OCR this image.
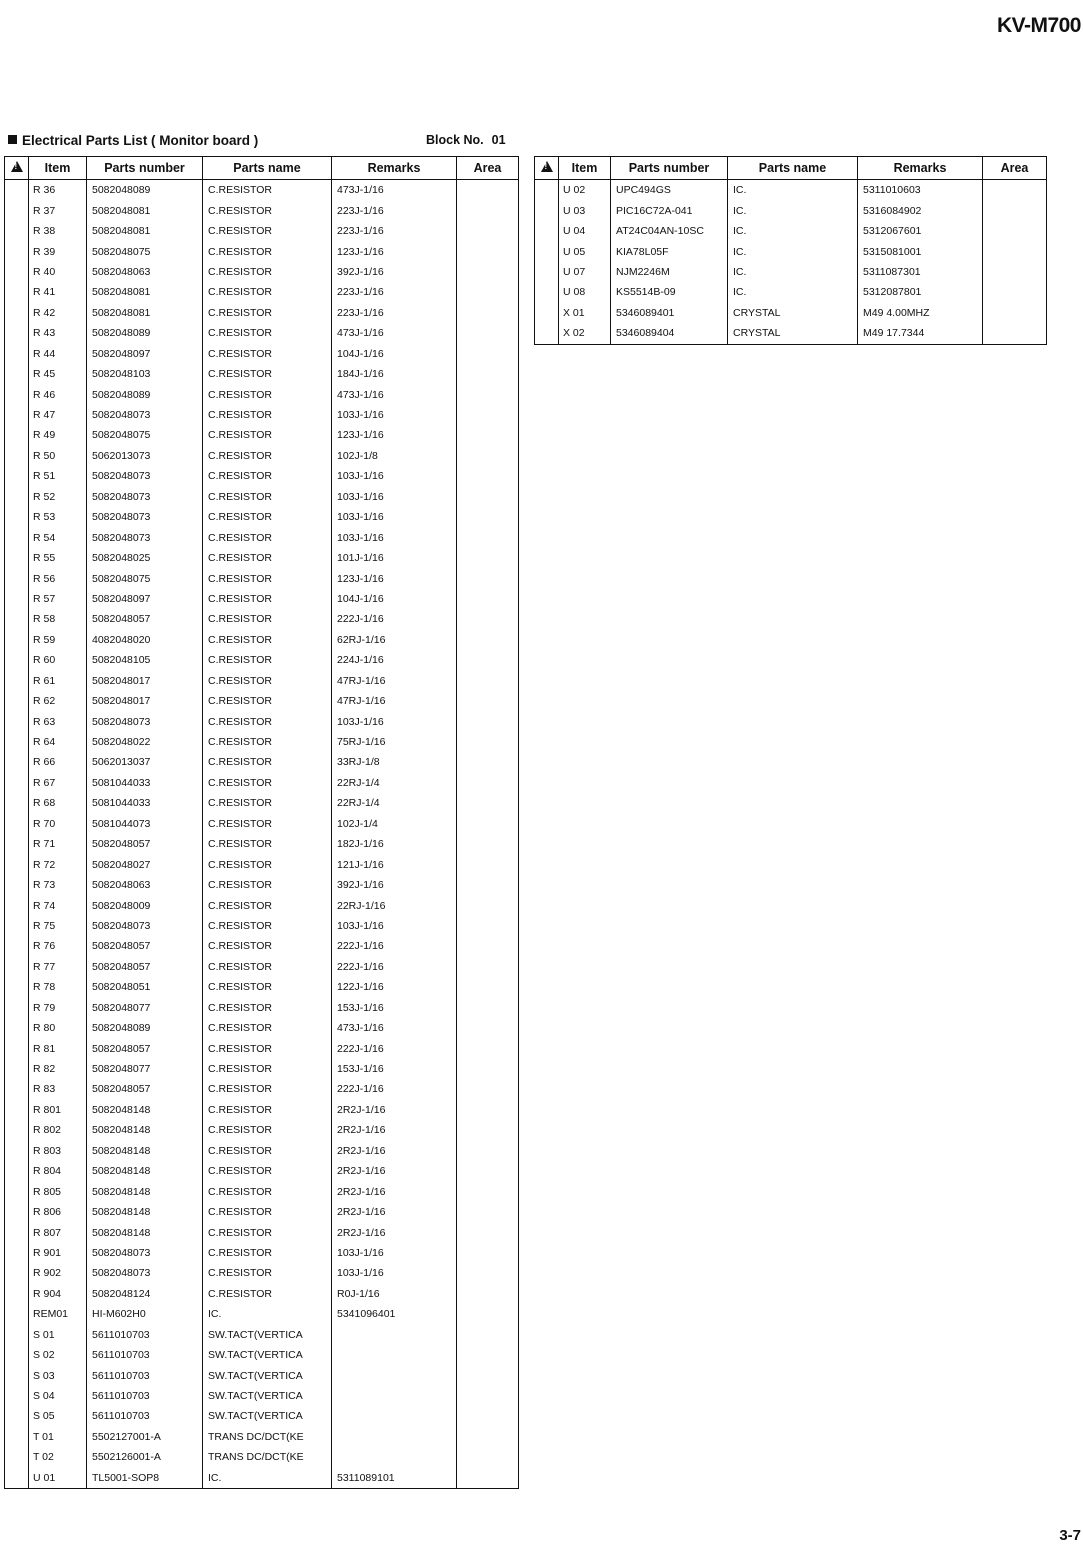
KV-M700
Electrical Parts List ( Monitor board )	Block No. 01
!	Item	Parts number	Parts name	Remarks	Area
	R 36	5082048089	C.RESISTOR	473J-1/16	
	R 37	5082048081	C.RESISTOR	223J-1/16	
	R 38	5082048081	C.RESISTOR	223J-1/16	
	R 39	5082048075	C.RESISTOR	123J-1/16	
	R 40	5082048063	C.RESISTOR	392J-1/16	
	R 41	5082048081	C.RESISTOR	223J-1/16	
	R 42	5082048081	C.RESISTOR	223J-1/16	
	R 43	5082048089	C.RESISTOR	473J-1/16	
	R 44	5082048097	C.RESISTOR	104J-1/16	
	R 45	5082048103	C.RESISTOR	184J-1/16	
	R 46	5082048089	C.RESISTOR	473J-1/16	
	R 47	5082048073	C.RESISTOR	103J-1/16	
	R 49	5082048075	C.RESISTOR	123J-1/16	
	R 50	5062013073	C.RESISTOR	102J-1/8	
	R 51	5082048073	C.RESISTOR	103J-1/16	
	R 52	5082048073	C.RESISTOR	103J-1/16	
	R 53	5082048073	C.RESISTOR	103J-1/16	
	R 54	5082048073	C.RESISTOR	103J-1/16	
	R 55	5082048025	C.RESISTOR	101J-1/16	
	R 56	5082048075	C.RESISTOR	123J-1/16	
	R 57	5082048097	C.RESISTOR	104J-1/16	
	R 58	5082048057	C.RESISTOR	222J-1/16	
	R 59	4082048020	C.RESISTOR	62RJ-1/16	
	R 60	5082048105	C.RESISTOR	224J-1/16	
	R 61	5082048017	C.RESISTOR	47RJ-1/16	
	R 62	5082048017	C.RESISTOR	47RJ-1/16	
	R 63	5082048073	C.RESISTOR	103J-1/16	
	R 64	5082048022	C.RESISTOR	75RJ-1/16	
	R 66	5062013037	C.RESISTOR	33RJ-1/8	
	R 67	5081044033	C.RESISTOR	22RJ-1/4	
	R 68	5081044033	C.RESISTOR	22RJ-1/4	
	R 70	5081044073	C.RESISTOR	102J-1/4	
	R 71	5082048057	C.RESISTOR	182J-1/16	
	R 72	5082048027	C.RESISTOR	121J-1/16	
	R 73	5082048063	C.RESISTOR	392J-1/16	
	R 74	5082048009	C.RESISTOR	22RJ-1/16	
	R 75	5082048073	C.RESISTOR	103J-1/16	
	R 76	5082048057	C.RESISTOR	222J-1/16	
	R 77	5082048057	C.RESISTOR	222J-1/16	
	R 78	5082048051	C.RESISTOR	122J-1/16	
	R 79	5082048077	C.RESISTOR	153J-1/16	
	R 80	5082048089	C.RESISTOR	473J-1/16	
	R 81	5082048057	C.RESISTOR	222J-1/16	
	R 82	5082048077	C.RESISTOR	153J-1/16	
	R 83	5082048057	C.RESISTOR	222J-1/16	
	R 801	5082048148	C.RESISTOR	2R2J-1/16	
	R 802	5082048148	C.RESISTOR	2R2J-1/16	
	R 803	5082048148	C.RESISTOR	2R2J-1/16	
	R 804	5082048148	C.RESISTOR	2R2J-1/16	
	R 805	5082048148	C.RESISTOR	2R2J-1/16	
	R 806	5082048148	C.RESISTOR	2R2J-1/16	
	R 807	5082048148	C.RESISTOR	2R2J-1/16	
	R 901	5082048073	C.RESISTOR	103J-1/16	
	R 902	5082048073	C.RESISTOR	103J-1/16	
	R 904	5082048124	C.RESISTOR	R0J-1/16	
	REM01	HI-M602H0	IC.	5341096401	
	S 01	5611010703	SW.TACT(VERTICA		
	S 02	5611010703	SW.TACT(VERTICA		
	S 03	5611010703	SW.TACT(VERTICA		
	S 04	5611010703	SW.TACT(VERTICA		
	S 05	5611010703	SW.TACT(VERTICA		
	T 01	5502127001-A	TRANS DC/DCT(KE		
	T 02	5502126001-A	TRANS DC/DCT(KE		
	U 01	TL5001-SOP8	IC.	5311089101	
!	Item	Parts number	Parts name	Remarks	Area
	U 02	UPC494GS	IC.	5311010603	
	U 03	PIC16C72A-041	IC.	5316084902	
	U 04	AT24C04AN-10SC	IC.	5312067601	
	U 05	KIA78L05F	IC.	5315081001	
	U 07	NJM2246M	IC.	5311087301	
	U 08	KS5514B-09	IC.	5312087801	
	X 01	5346089401	CRYSTAL	M49 4.00MHZ	
	X 02	5346089404	CRYSTAL	M49 17.7344	
3-7
